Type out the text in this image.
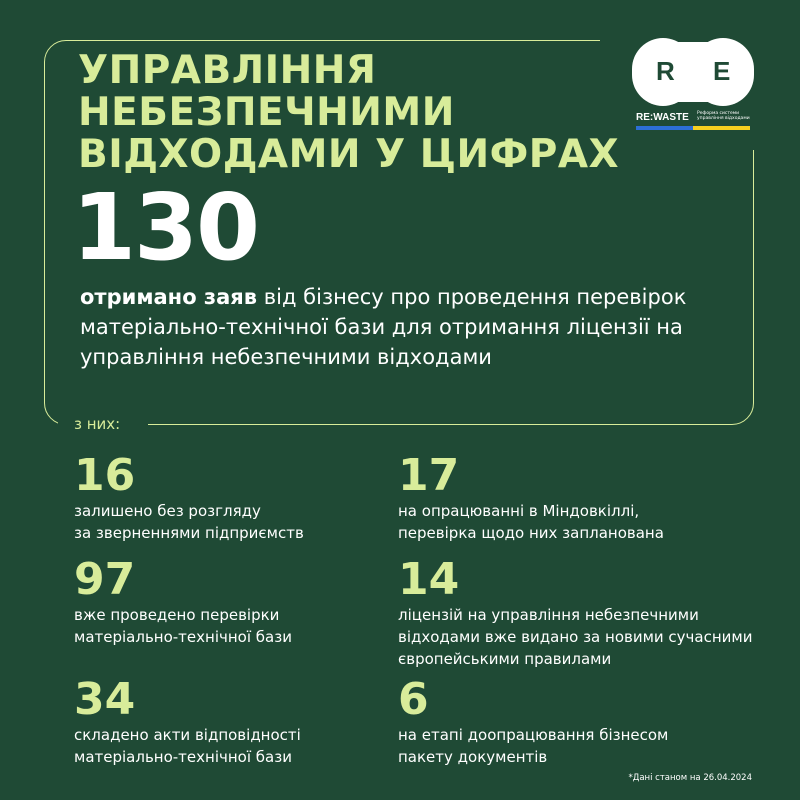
УПРАВЛІННЯ
НЕБЕЗПЕЧНИМИ
ВІДХОДАМИ У ЦИФРАХ
130
отримано заяв від бізнесу про проведення перевірок матеріально-технічної бази для отримання ліцензії на управління небезпечними відходами
з них:
16
залишено без розгляду
за зверненнями підприємств
17
на опрацюванні в Міндовкіллі,
перевірка щодо них запланована
97
вже проведено перевірки
матеріально-технічної бази
14
ліцензій на управління небезпечними
відходами вже видано за новими сучасними
європейськими правилами
34
складено акти відповідності
матеріально-технічної бази
6
на етапі доопрацювання бізнесом
пакету документів
R E
RE:WASTE Реформа системи управління відходами
*Дані станом на 26.04.2024
